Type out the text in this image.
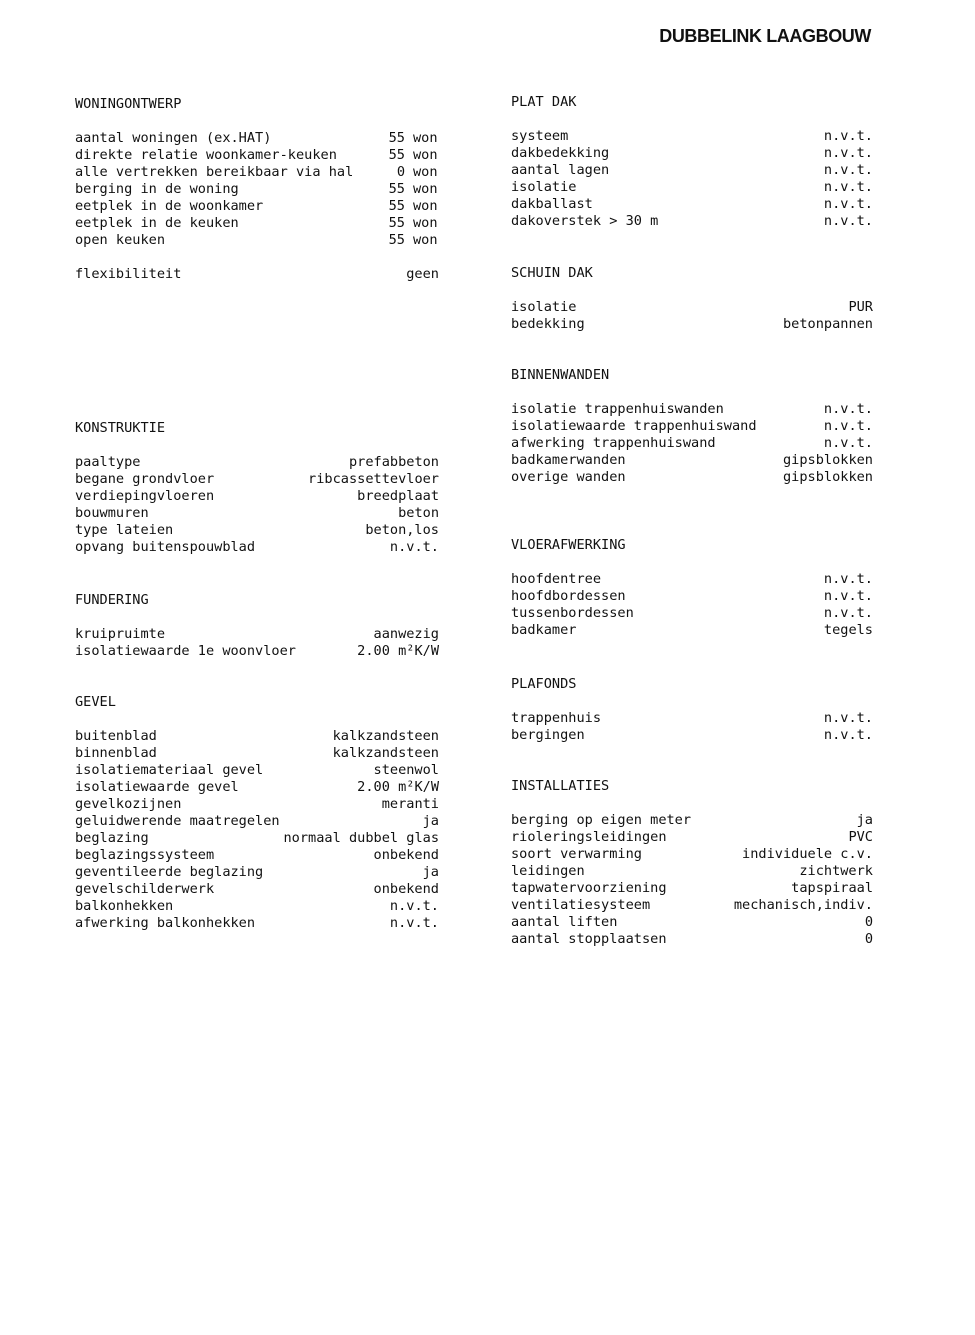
DUBBELINK LAAGBOUW
WONINGONTWERP
aantal woningen (ex.HAT)	55 won
direkte relatie woonkamer-keuken	55 won
alle vertrekken bereikbaar via hal	0 won
berging in de woning	55 won
eetplek in de woonkamer	55 won
eetplek in de keuken	55 won
open keuken	55 won
flexibiliteit	geen
KONSTRUKTIE
paaltype	prefabbeton
begane grondvloer	ribcassettevloer
verdiepingvloeren	breedplaat
bouwmuren	beton
type lateien	beton,los
opvang buitenspouwblad	n.v.t.
FUNDERING
kruipruimte	aanwezig
isolatiewaarde 1e woonvloer	2.00 m²K/W
GEVEL
buitenblad	kalkzandsteen
binnenblad	kalkzandsteen
isolatiemateriaal gevel	steenwol
isolatiewaarde gevel	2.00 m²K/W
gevelkozijnen	meranti
geluidwerende maatregelen	ja
beglazing	normaal dubbel glas
beglazingssysteem	onbekend
geventileerde beglazing	ja
gevelschilderwerk	onbekend
balkonhekken	n.v.t.
afwerking balkonhekken	n.v.t.
PLAT DAK
systeem	n.v.t.
dakbedekking	n.v.t.
aantal lagen	n.v.t.
isolatie	n.v.t.
dakballast	n.v.t.
dakoverstek > 30 m	n.v.t.
SCHUIN DAK
isolatie	PUR
bedekking	betonpannen
BINNENWANDEN
isolatie trappenhuiswanden	n.v.t.
isolatiewaarde trappenhuiswand	n.v.t.
afwerking trappenhuiswand	n.v.t.
badkamerwanden	gipsblokken
overige wanden	gipsblokken
VLOERAFWERKING
hoofdentree	n.v.t.
hoofdbordessen	n.v.t.
tussenbordessen	n.v.t.
badkamer	tegels
PLAFONDS
trappenhuis	n.v.t.
bergingen	n.v.t.
INSTALLATIES
berging op eigen meter	ja
rioleringsleidingen	PVC
soort verwarming	individuele c.v.
leidingen	zichtwerk
tapwatervoorziening	tapspiraal
ventilatiesysteem	mechanisch,indiv.
aantal liften	0
aantal stopplaatsen	0
